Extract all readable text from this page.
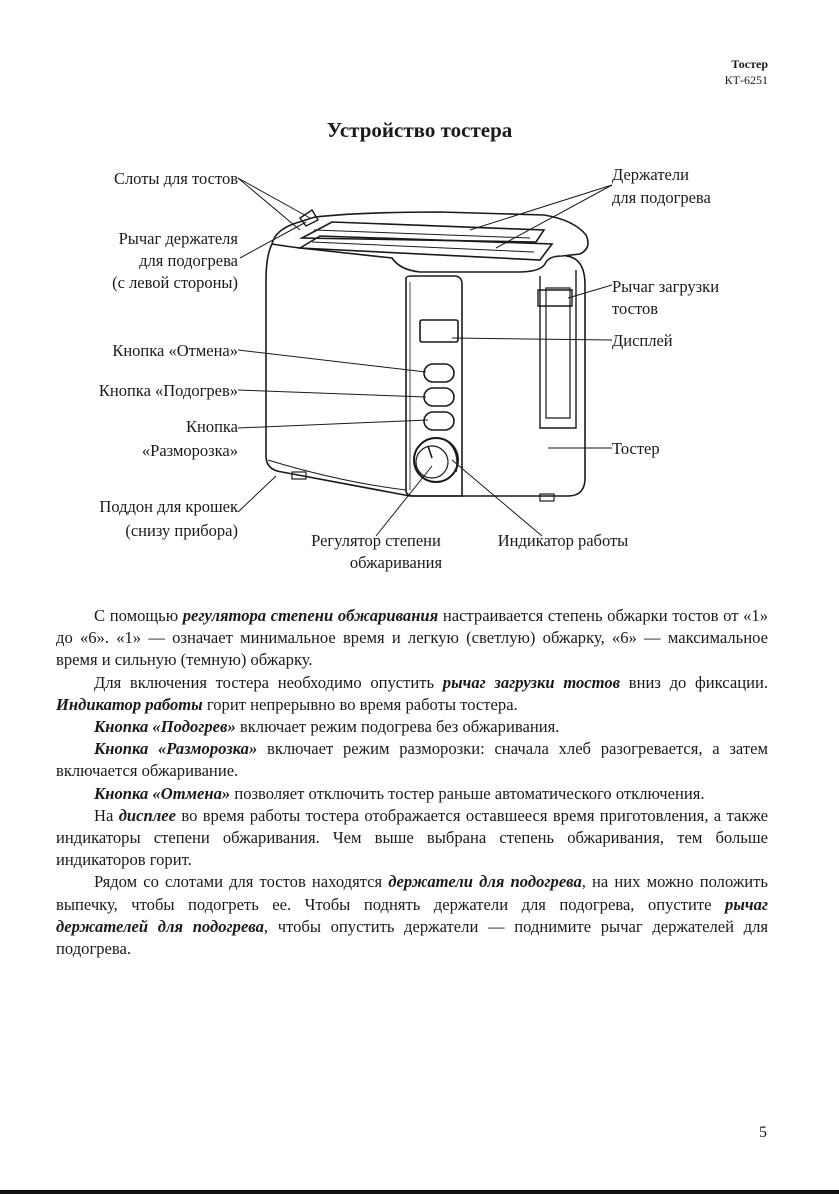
Тостер
КТ-6251
Устройство тостера
Слоты для тостов
Рычаг держателя
для подогрева
(с левой стороны)
Кнопка «Отмена»
Кнопка «Подогрев»
Кнопка
«Разморозка»
Поддон для крошек
(снизу прибора)
Регулятор степени
обжаривания
Индикатор работы
Держатели
для подогрева
Рычаг загрузки
тостов
Дисплей
Тостер

С помощью регулятора степени обжаривания настраивается степень обжарки тостов от «1» до «6». «1» — означает минимальное время и легкую (светлую) обжарку, «6» — максимальное время и сильную (темную) обжарку.

Для включения тостера необходимо опустить рычаг загрузки тостов вниз до фиксации. Индикатор работы горит непрерывно во время работы тостера.

Кнопка «Подогрев» включает режим подогрева без обжаривания.

Кнопка «Разморозка» включает режим разморозки: сначала хлеб разогревается, а затем включается обжаривание.

Кнопка «Отмена» позволяет отключить тостер раньше автоматического отключения.

На дисплее во время работы тостера отображается оставшееся время приготовления, а также индикаторы степени обжаривания. Чем выше выбрана степень обжаривания, тем больше индикаторов горит.

Рядом со слотами для тостов находятся держатели для подогрева, на них можно положить выпечку, чтобы подогреть ее. Чтобы поднять держатели для подогрева, опустите рычаг держателей для подогрева, чтобы опустить держатели — поднимите рычаг держателей для подогрева.

5
